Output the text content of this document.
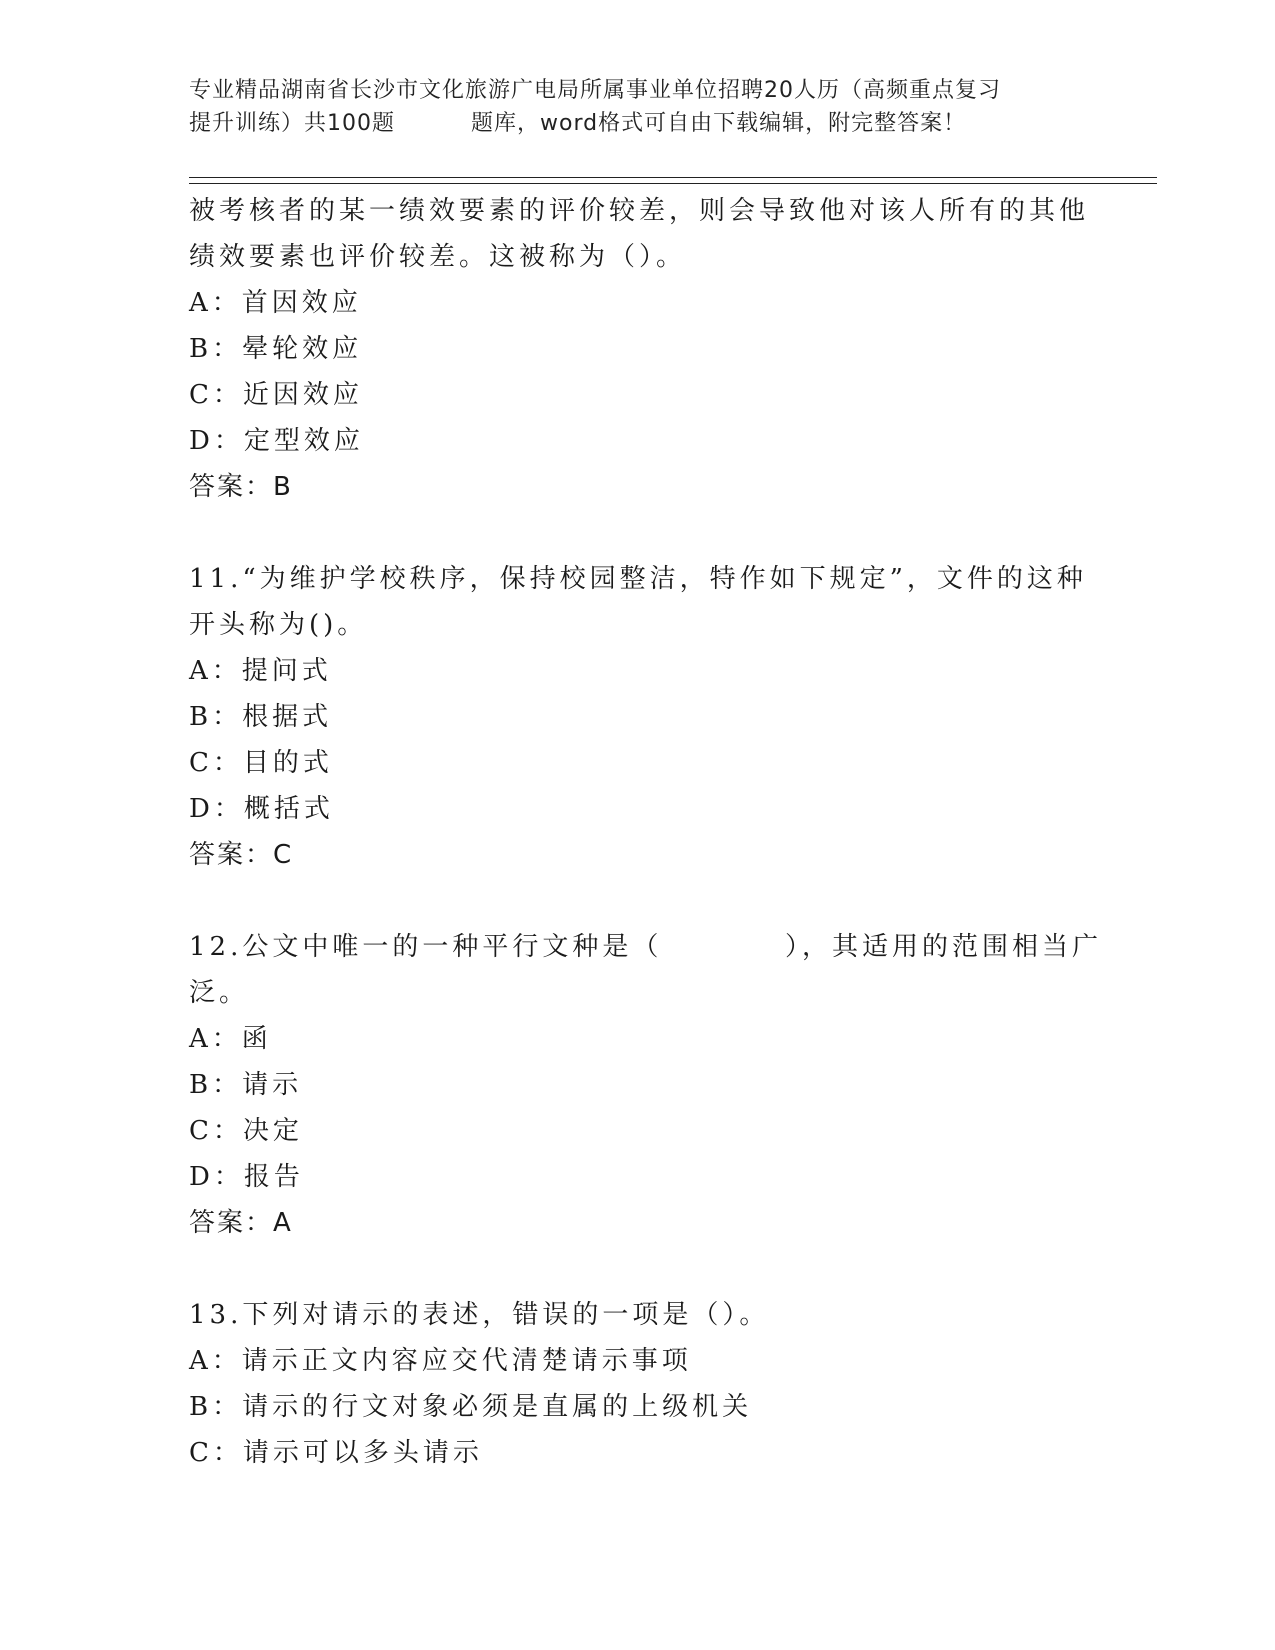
专业精品湖南省长沙市文化旅游广电局所属事业单位招聘20人历（高频重点复习
提升训练）共100题	题库，word格式可自由下载编辑，附完整答案！
被考核者的某一绩效要素的评价较差，则会导致他对该人所有的其他
绩效要素也评价较差。这被称为（）。
A：首因效应
B：晕轮效应
C：近因效应
D：定型效应
答案：B
11.“为维护学校秩序，保持校园整洁，特作如下规定”，文件的这种
开头称为()。
A：提问式
B：根据式
C：目的式
D：概括式
答案：C
12.公文中唯一的一种平行文种是（          ），其适用的范围相当广
泛。
A：函
B：请示
C：决定
D：报告
答案：A
13.下列对请示的表述，错误的一项是（）。
A：请示正文内容应交代清楚请示事项
B：请示的行文对象必须是直属的上级机关
C：请示可以多头请示
